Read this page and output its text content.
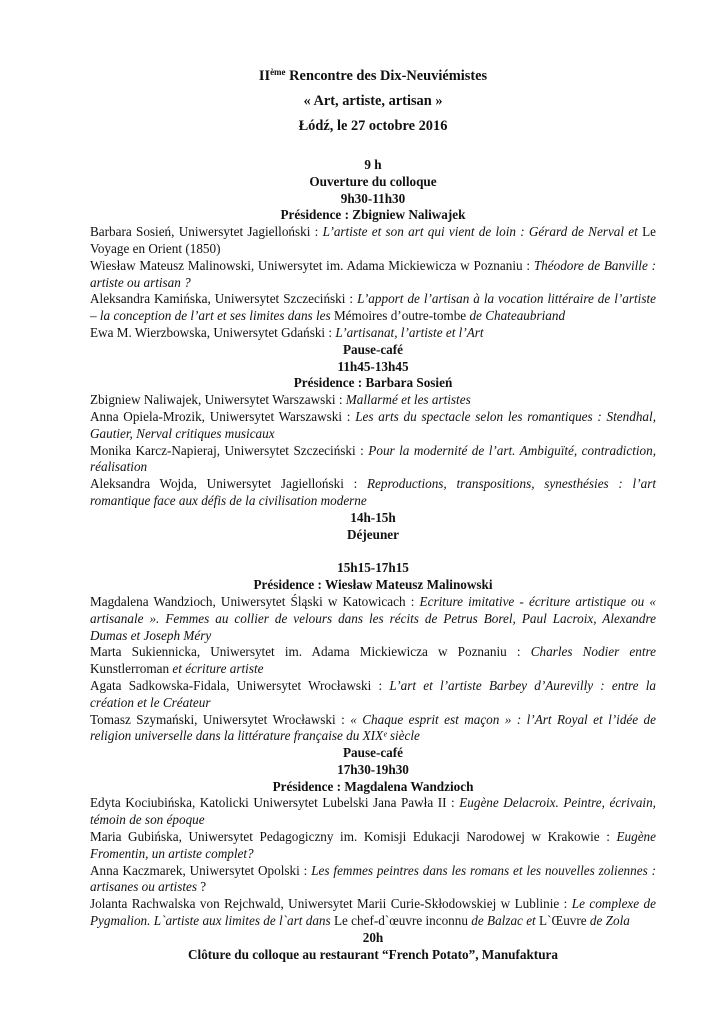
IIème Rencontre des Dix-Neuviémistes

« Art, artiste, artisan »

Łódź, le 27 octobre 2016

9 h

Ouverture du colloque

9h30-11h30

Présidence : Zbigniew Naliwajek

Barbara Sosień, Uniwersytet Jagielloński : L’artiste et son art qui vient de loin : Gérard de Nerval et Le Voyage en Orient (1850)

Wiesław Mateusz Malinowski, Uniwersytet im. Adama Mickiewicza w Poznaniu : Théodore de Banville : artiste ou artisan ?

Aleksandra Kamińska, Uniwersytet Szczeciński : L’apport de l’artisan à la vocation littéraire de l’artiste – la conception de l’art et ses limites dans les Mémoires d’outre-tombe de Chateaubriand

Ewa M. Wierzbowska, Uniwersytet Gdański : L’artisanat, l’artiste et l’Art

Pause-café

11h45-13h45

Présidence : Barbara Sosień

Zbigniew Naliwajek, Uniwersytet Warszawski : Mallarmé et les artistes

Anna Opiela-Mrozik, Uniwersytet Warszawski : Les arts du spectacle selon les romantiques : Stendhal, Gautier, Nerval critiques musicaux

Monika Karcz-Napieraj, Uniwersytet Szczeciński : Pour la modernité de l’art. Ambiguïté, contradiction, réalisation

Aleksandra Wojda, Uniwersytet Jagielloński : Reproductions, transpositions, synesthésies : l’art romantique face aux défis de la civilisation moderne

14h-15h

Déjeuner

15h15-17h15

Présidence : Wiesław Mateusz Malinowski

Magdalena Wandzioch, Uniwersytet Śląski w Katowicach : Ecriture imitative - écriture artistique ou « artisanale ». Femmes au collier de velours dans les récits de Petrus Borel, Paul Lacroix, Alexandre Dumas et Joseph Méry

Marta Sukiennicka, Uniwersytet im. Adama Mickiewicza w Poznaniu : Charles Nodier entre Kunstlerroman et écriture artiste

Agata Sadkowska-Fidala, Uniwersytet Wrocławski : L’art et l’artiste Barbey d’Aurevilly : entre la création et le Créateur

Tomasz Szymański, Uniwersytet Wrocławski : « Chaque esprit est maçon » : l’Art Royal et l’idée de religion universelle dans la littérature française du XIXᵉ siècle

Pause-café

17h30-19h30

Présidence : Magdalena Wandzioch

Edyta Kociubińska, Katolicki Uniwersytet Lubelski Jana Pawła II : Eugène Delacroix. Peintre, écrivain, témoin de son époque

Maria Gubińska, Uniwersytet Pedagogiczny im. Komisji Edukacji Narodowej w Krakowie : Eugène Fromentin, un artiste complet?

Anna Kaczmarek, Uniwersytet Opolski : Les femmes peintres dans les romans et les nouvelles zoliennes : artisanes ou artistes ?

Jolanta Rachwalska von Rejchwald, Uniwersytet Marii Curie-Skłodowskiej w Lublinie : Le complexe de Pygmalion. L`artiste aux limites de l`art dans Le chef-d`œuvre inconnu de Balzac et L`Œuvre de Zola

20h

Clôture du colloque au restaurant “French Potato”, Manufaktura
